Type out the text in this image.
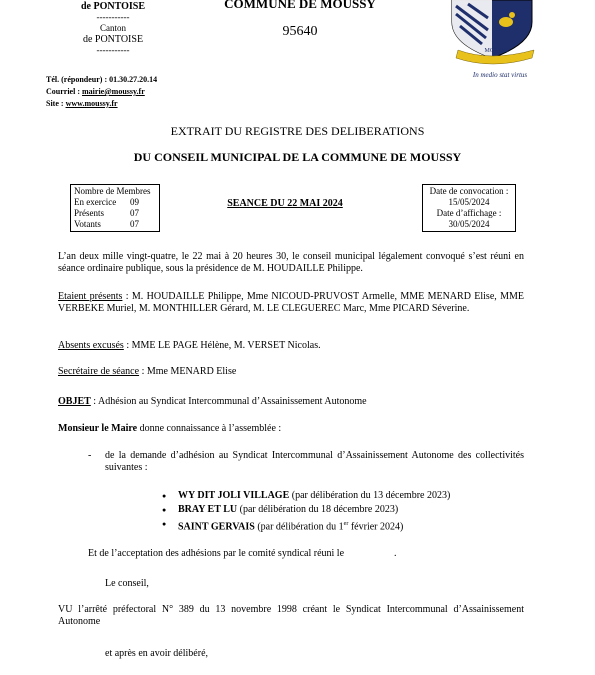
de PONTOISE
-----------
Canton
de PONTOISE
-----------
Tél. (répondeur) : 01.30.27.20.14
Courriel : mairie@moussy.fr
Site : www.moussy.fr
COMMUNE DE MOUSSY
95640
MOUSSY
In medio stat virtus
EXTRAIT DU REGISTRE DES DELIBERATIONS
DU CONSEIL MUNICIPAL DE LA COMMUNE DE MOUSSY
Nombre de Membres
En exercice	09
Présents	07
Votants	07
SEANCE DU 22 MAI 2024
Date de convocation :
15/05/2024
Date d’affichage :
30/05/2024
L’an deux mille vingt-quatre, le 22 mai à 20 heures 30, le conseil municipal légalement convoqué s’est réuni en séance ordinaire publique, sous la présidence de M. HOUDAILLE Philippe.
Etaient présents : M. HOUDAILLE Philippe, Mme NICOUD-PRUVOST Armelle, MME MENARD Elise, MME VERBEKE Muriel, M. MONTHILLER Gérard, M. LE CLEGUEREC Marc, Mme PICARD Séverine.
Absents excusés : MME LE PAGE Hélène, M. VERSET Nicolas.
Secrétaire de séance : Mme MENARD Elise
OBJET : Adhésion au Syndicat Intercommunal d’Assainissement Autonome
Monsieur le Maire donne connaissance à l’assemblée :
- de la demande d’adhésion au Syndicat Intercommunal d’Assainissement Autonome des collectivités suivantes :
● WY DIT JOLI VILLAGE (par délibération du 13 décembre 2023)
● BRAY ET LU (par délibération du 18 décembre 2023)
● SAINT GERVAIS (par délibération du 1er février 2024)
Et de l’acceptation des adhésions par le comité syndical réuni le	.
Le conseil,
VU l’arrêté préfectoral N° 389 du 13 novembre 1998 créant le Syndicat Intercommunal d’Assainissement Autonome
et après en avoir délibéré,
